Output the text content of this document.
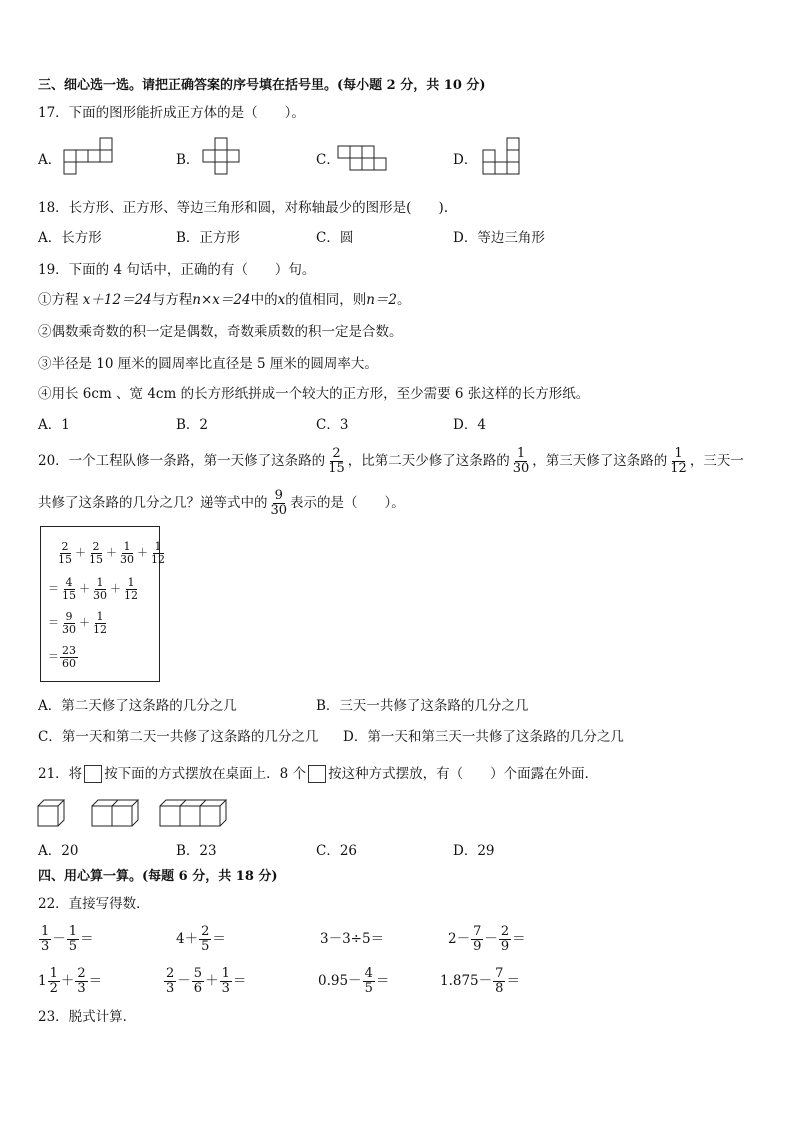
三、细心选一选。请把正确答案的序号填在括号里。(每小题 2 分，共 10 分)
17．下面的图形能折成正方体的是（　　）。
A．	B．	C．	D．
18．长方形、正方形、等边三角形和圆，对称轴最少的图形是(　　).
A．长方形	B．正方形	C．圆	D．等边三角形
19．下面的 4 句话中，正确的有（　　）句。
①方程 x＋12＝24与方程n×x＝24中的x的值相同，则n＝2。
②偶数乘奇数的积一定是偶数，奇数乘质数的积一定是合数。
③半径是 10 厘米的圆周率比直径是 5 厘米的圆周率大。
④用长 6cm 、宽 4cm 的长方形纸拼成一个较大的正方形，至少需要 6 张这样的长方形纸。
A．1	B．2	C．3	D．4
20．一个工程队修一条路，第一天修了这条路的 $\frac{2}{15}$ ，比第二天少修了这条路的 $\frac{1}{30}$ ，第三天修了这条路的 $\frac{1}{12}$ ，三天一
共修了这条路的几分之几？递等式中的 $\frac{9}{30}$ 表示的是（　　）。
$\frac{2}{15} + \frac{2}{15} + \frac{1}{30} + \frac{1}{12}$
＝ $\frac{4}{15} + \frac{1}{30} + \frac{1}{12}$
＝ $\frac{9}{30} + \frac{1}{12}$
＝ $\frac{23}{60}$
A．第二天修了这条路的几分之几	B．三天一共修了这条路的几分之几
C．第一天和第二天一共修了这条路的几分之几 D．第一天和第三天一共修了这条路的几分之几
21．将 按下面的方式摆放在桌面上．8 个 按这种方式摆放，有（　　）个面露在外面．
A．20	B．23	C．26	D．29
四、用心算一算。(每题 6 分，共 18 分)
22．直接写得数．
$\frac{1}{3} - \frac{1}{5}$ ＝	$4+ \frac{2}{5}$ ＝	3－3÷5＝	$2- \frac{7}{9} - \frac{2}{9}$ ＝
$1 \frac{1}{2} + \frac{2}{3}$ ＝	$\frac{2}{3} - \frac{5}{6} + \frac{1}{3}$ ＝	$0.95- \frac{4}{5}$ ＝	$1.875- \frac{7}{8}$ ＝
23．脱式计算．
